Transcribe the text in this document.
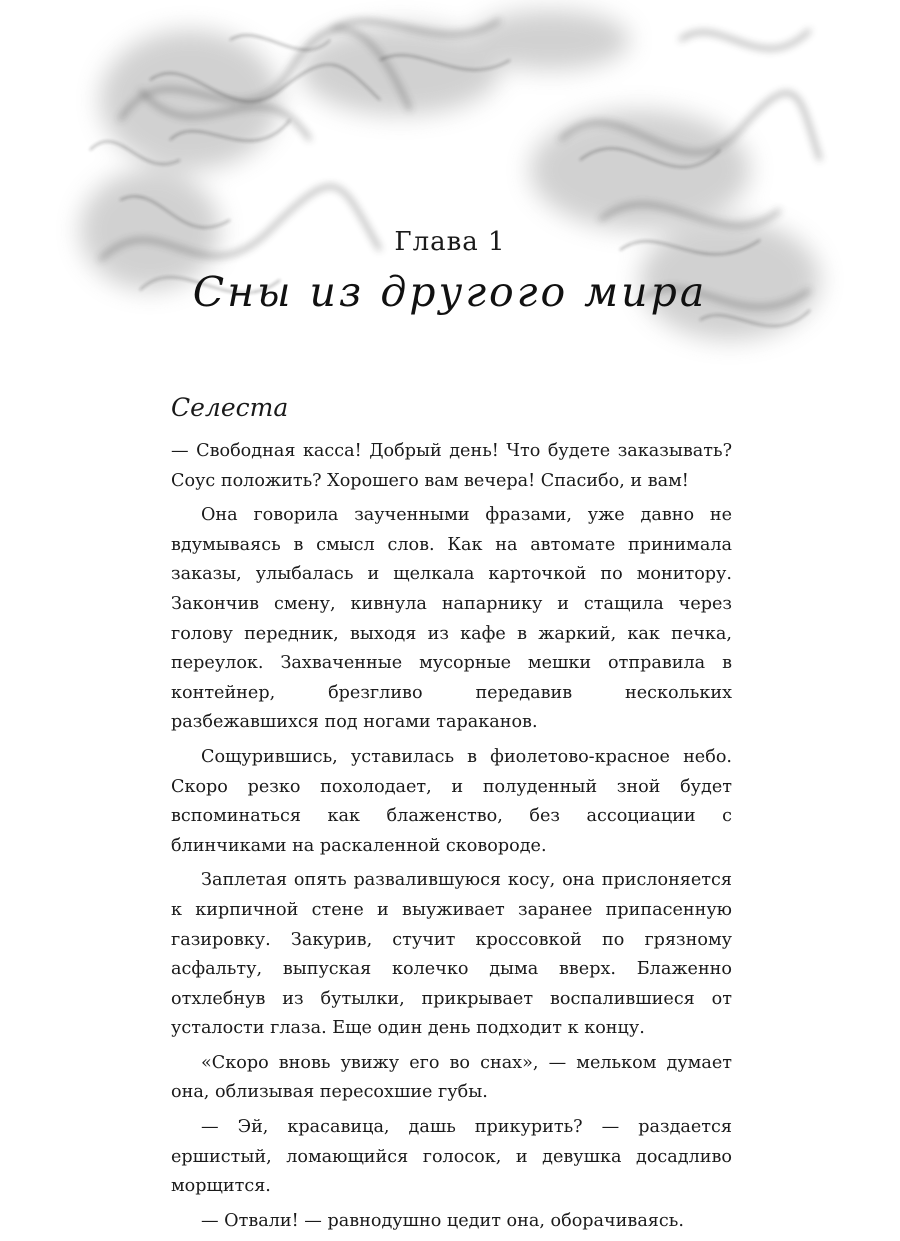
Глава 1
Сны из другого мира
Селеста

— Свободная касса! Добрый день! Что будете заказывать? Соус положить? Хорошего вам вечера! Спасибо, и вам!

Она говорила заученными фразами, уже давно не вдумываясь в смысл слов. Как на автомате принимала заказы, улыбалась и щелкала карточкой по монитору. Закончив смену, кивнула напарнику и стащила через голову передник, выходя из кафе в жаркий, как печка, переулок. Захваченные мусорные мешки отправила в контейнер, брезгливо передавив нескольких разбежавшихся под ногами тараканов.

Сощурившись, уставилась в фиолетово-красное небо. Скоро резко похолодает, и полуденный зной будет вспоминаться как блаженство, без ассоциации с блинчиками на раскаленной сковороде.

Заплетая опять развалившуюся косу, она прислоняется к кирпичной стене и выуживает заранее припасенную газировку. Закурив, стучит кроссовкой по грязному асфальту, выпуская колечко дыма вверх. Блаженно отхлебнув из бутылки, прикрывает воспалившиеся от усталости глаза. Еще один день подходит к концу.

«Скоро вновь увижу его во снах», — мельком думает она, облизывая пересохшие губы.

— Эй, красавица, дашь прикурить? — раздается ершистый, ломающийся голосок, и девушка досадливо морщится.

— Отвали! — равнодушно цедит она, оборачиваясь.
